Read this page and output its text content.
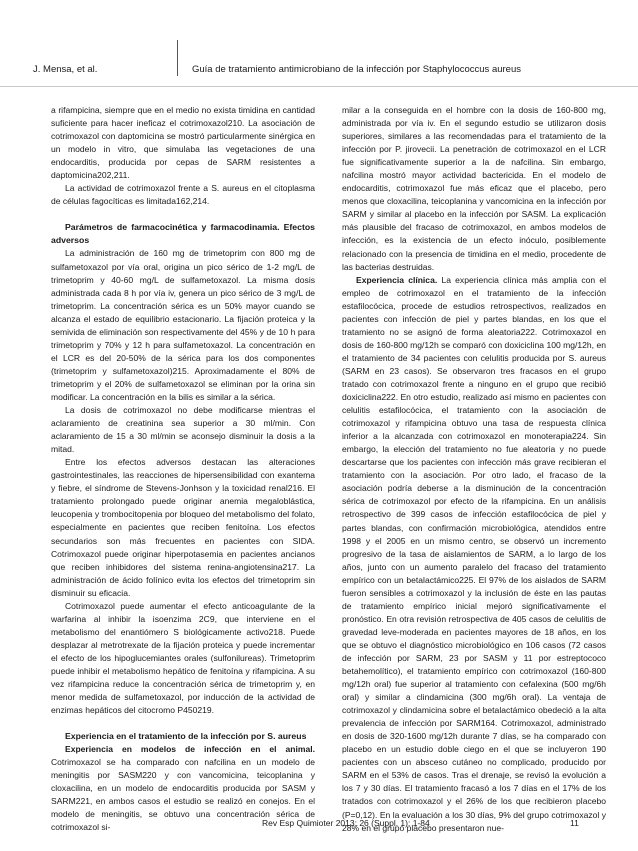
J. Mensa, et al.	Guía de tratamiento antimicrobiano de la infección por Staphylococcus aureus

a rifampicina, siempre que en el medio no exista timidina en cantidad suficiente para hacer ineficaz el cotrimoxazol210. La asociación de cotrimoxazol con daptomicina se mostró particularmente sinérgica en un modelo in vitro, que simulaba las vegetaciones de una endocarditis, producida por cepas de SARM resistentes a daptomicina202,211.

La actividad de cotrimoxazol frente a S. aureus en el citoplasma de células fagocíticas es limitada162,214.

Parámetros de farmacocinética y farmacodinamia. Efectos adversos

La administración de 160 mg de trimetoprim con 800 mg de sulfametoxazol por vía oral, origina un pico sérico de 1-2 mg/L de trimetoprim y 40-60 mg/L de sulfametoxazol. La misma dosis administrada cada 8 h por vía iv, genera un pico sérico de 3 mg/L de trimetoprim. La concentración sérica es un 50% mayor cuando se alcanza el estado de equilibrio estacionario. La fijación proteica y la semivida de eliminación son respectivamente del 45% y de 10 h para trimetoprim y 70% y 12 h para sulfametoxazol. La concentración en el LCR es del 20-50% de la sérica para los dos componentes (trimetoprim y sulfametoxazol)215. Aproximadamente el 80% de trimetoprim y el 20% de sulfametoxazol se eliminan por la orina sin modificar. La concentración en la bilis es similar a la sérica.

La dosis de cotrimoxazol no debe modificarse mientras el aclaramiento de creatinina sea superior a 30 ml/min. Con aclaramiento de 15 a 30 ml/min se aconsejo disminuir la dosis a la mitad.

Entre los efectos adversos destacan las alteraciones gastrointestinales, las reacciones de hipersensibilidad con exantema y fiebre, el síndrome de Stevens-Jonhson y la toxicidad renal216. El tratamiento prolongado puede originar anemia megaloblástica, leucopenia y trombocitopenia por bloqueo del metabolismo del folato, especialmente en pacientes que reciben fenitoína. Los efectos secundarios son más frecuentes en pacientes con SIDA. Cotrimoxazol puede originar hiperpotasemia en pacientes ancianos que reciben inhibidores del sistema renina-angiotensina217. La administración de ácido folínico evita los efectos del trimetoprim sin disminuir su eficacia.

Cotrimoxazol puede aumentar el efecto anticoagulante de la warfarina al inhibir la isoenzima 2C9, que interviene en el metabolismo del enantiómero S biológicamente activo218. Puede desplazar al metrotrexate de la fijación proteica y puede incrementar el efecto de los hipoglucemiantes orales (sulfonilureas). Trimetoprim puede inhibir el metabolismo hepático de fenitoína y rifampicina. A su vez rifampicina reduce la concentración sérica de trimetoprim y, en menor medida de sulfametoxazol, por inducción de la actividad de enzimas hepáticos del citocromo P450219.

Experiencia en el tratamiento de la infección por S. aureus

Experiencia en modelos de infección en el animal. Cotrimoxazol se ha comparado con nafcilina en un modelo de meningitis por SASM220 y con vancomicina, teicoplanina y cloxacilina, en un modelo de endocarditis producida por SASM y SARM221, en ambos casos el estudio se realizó en conejos. En el modelo de meningitis, se obtuvo una concentración sérica de cotrimoxazol si-

milar a la conseguida en el hombre con la dosis de 160-800 mg, administrada por vía iv. En el segundo estudio se utilizaron dosis superiores, similares a las recomendadas para el tratamiento de la infección por P. jirovecii. La penetración de cotrimoxazol en el LCR fue significativamente superior a la de nafcilina. Sin embargo, nafcilina mostró mayor actividad bactericida. En el modelo de endocarditis, cotrimoxazol fue más eficaz que el placebo, pero menos que cloxacilina, teicoplanina y vancomicina en la infección por SARM y similar al placebo en la infección por SASM. La explicación más plausible del fracaso de cotrimoxazol, en ambos modelos de infección, es la existencia de un efecto inóculo, posiblemente relacionado con la presencia de timidina en el medio, procedente de las bacterias destruidas.

Experiencia clínica. La experiencia clínica más amplia con el empleo de cotrimoxazol en el tratamiento de la infección estafilocócica, procede de estudios retrospectivos, realizados en pacientes con infección de piel y partes blandas, en los que el tratamiento no se asignó de forma aleatoria222. Cotrimoxazol en dosis de 160-800 mg/12h se comparó con doxiciclina 100 mg/12h, en el tratamiento de 34 pacientes con celulitis producida por S. aureus (SARM en 23 casos). Se observaron tres fracasos en el grupo tratado con cotrimoxazol frente a ninguno en el grupo que recibió doxiciclina222. En otro estudio, realizado así mismo en pacientes con celulitis estafilocócica, el tratamiento con la asociación de cotrimoxazol y rifampicina obtuvo una tasa de respuesta clínica inferior a la alcanzada con cotrimoxazol en monoterapia224. Sin embargo, la elección del tratamiento no fue aleatoria y no puede descartarse que los pacientes con infección más grave recibieran el tratamiento con la asociación. Por otro lado, el fracaso de la asociación podría deberse a la disminución de la concentración sérica de cotrimoxazol por efecto de la rifampicina. En un análisis retrospectivo de 399 casos de infección estafilocócica de piel y partes blandas, con confirmación microbiológica, atendidos entre 1998 y el 2005 en un mismo centro, se observó un incremento progresivo de la tasa de aislamientos de SARM, a lo largo de los años, junto con un aumento paralelo del fracaso del tratamiento empírico con un betalactámico225. El 97% de los aislados de SARM fueron sensibles a cotrimoxazol y la inclusión de éste en las pautas de tratamiento empírico inicial mejoró significativamente el pronóstico. En otra revisión retrospectiva de 405 casos de celulitis de gravedad leve-moderada en pacientes mayores de 18 años, en los que se obtuvo el diagnóstico microbiológico en 106 casos (72 casos de infección por SARM, 23 por SASM y 11 por estreptococo betahemolítico), el tratamiento empírico con cotrimoxazol (160-800 mg/12h oral) fue superior al tratamiento con cefalexina (500 mg/6h oral) y similar a clindamicina (300 mg/6h oral). La ventaja de cotrimoxazol y clindamicina sobre el betalactámico obedeció a la alta prevalencia de infección por SARM164. Cotrimoxazol, administrado en dosis de 320-1600 mg/12h durante 7 días, se ha comparado con placebo en un estudio doble ciego en el que se incluyeron 190 pacientes con un absceso cutáneo no complicado, producido por SARM en el 53% de casos. Tras el drenaje, se revisó la evolución a los 7 y 30 días. El tratamiento fracasó a los 7 días en el 17% de los tratados con cotrimoxazol y el 26% de los que recibieron placebo (P=0,12). En la evaluación a los 30 días, 9% del grupo cotrimoxazol y 28% en el grupo placebo presentaron nue-

Rev Esp Quimioter 2013; 26 (Suppl. 1): 1-84	11
